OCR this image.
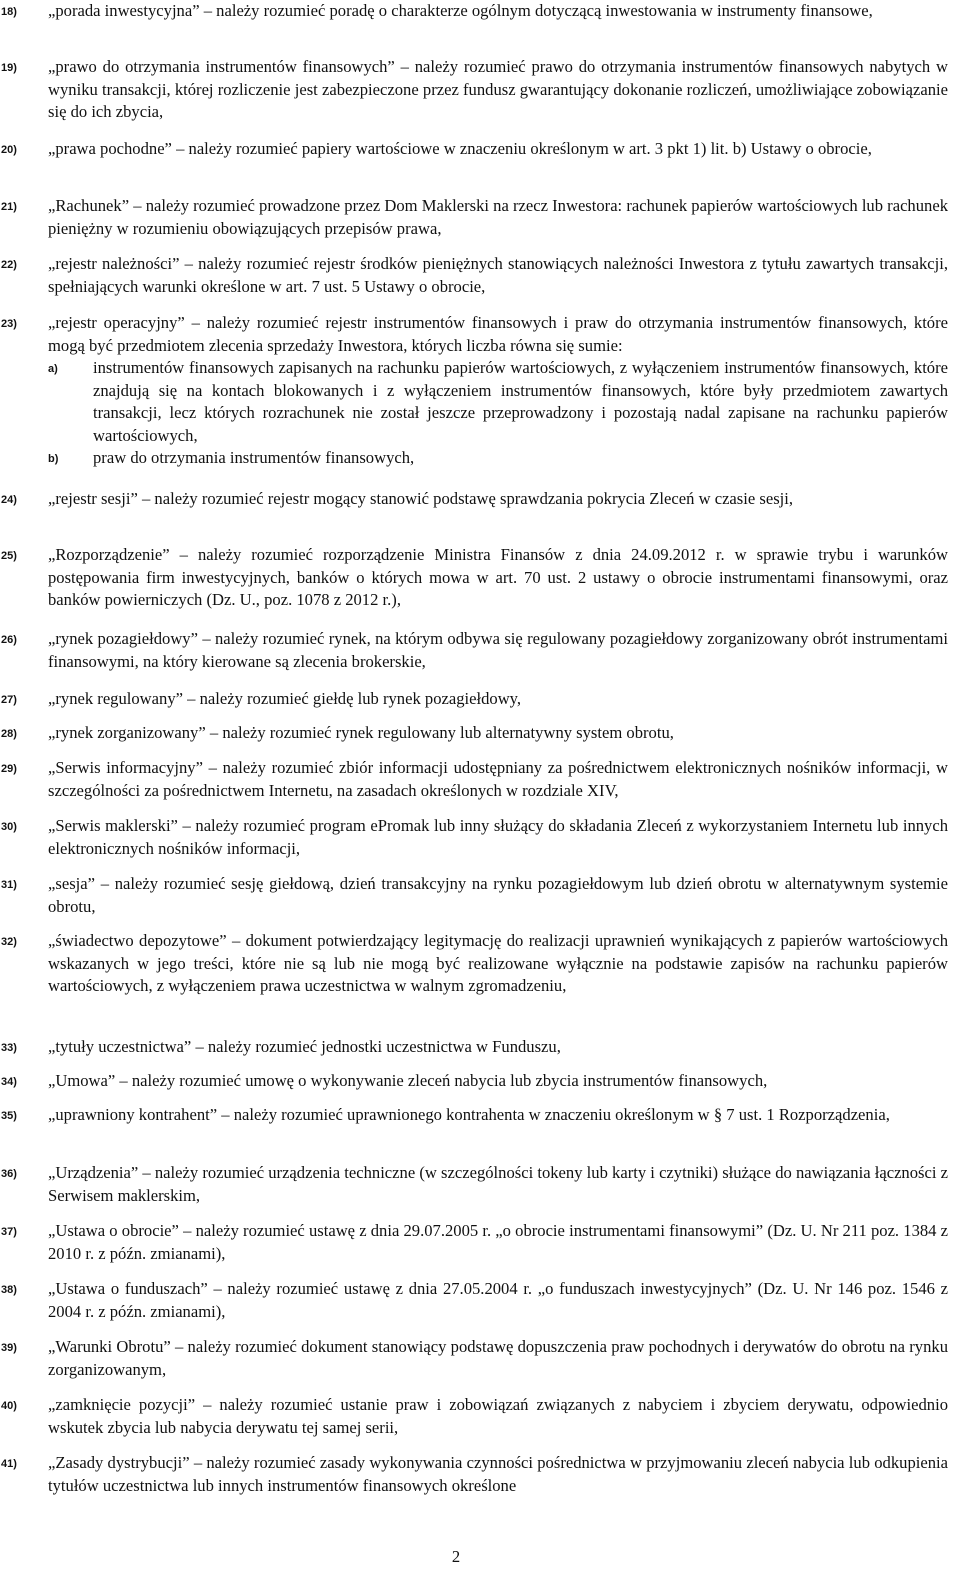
18)	„porada inwestycyjna” – należy rozumieć poradę o charakterze ogólnym dotyczącą inwestowania w instrumenty finansowe,
19)	„prawo do otrzymania instrumentów finansowych” – należy rozumieć prawo do otrzymania instrumentów finansowych nabytych w wyniku transakcji, której rozliczenie jest zabezpieczone przez fundusz gwarantujący dokonanie rozliczeń, umożliwiające zobowiązanie się do ich zbycia,
20)	„prawa pochodne” – należy rozumieć papiery wartościowe w znaczeniu określonym w art. 3 pkt 1) lit. b) Ustawy o obrocie,
21)	„Rachunek” – należy rozumieć prowadzone przez Dom Maklerski na rzecz Inwestora: rachunek papierów wartościowych lub rachunek pieniężny w rozumieniu obowiązujących przepisów prawa,
22)	„rejestr należności” – należy rozumieć rejestr środków pieniężnych stanowiących należności Inwestora z tytułu zawartych transakcji, spełniających warunki określone w art. 7 ust. 5 Ustawy o obrocie,
23)	„rejestr operacyjny” – należy rozumieć rejestr instrumentów finansowych i praw do otrzymania instrumentów finansowych, które mogą być przedmiotem zlecenia sprzedaży Inwestora, których liczba równa się sumie:
a) instrumentów finansowych zapisanych na rachunku papierów wartościowych, z wyłączeniem instrumentów finansowych, które znajdują się na kontach blokowanych i z wyłączeniem instrumentów finansowych, które były przedmiotem zawartych transakcji, lecz których rozrachunek nie został jeszcze przeprowadzony i pozostają nadal zapisane na rachunku papierów wartościowych,
b) praw do otrzymania instrumentów finansowych,
24)	„rejestr sesji” – należy rozumieć rejestr mogący stanowić podstawę sprawdzania pokrycia Zleceń w czasie sesji,
25)	„Rozporządzenie” – należy rozumieć rozporządzenie Ministra Finansów z dnia 24.09.2012 r. w sprawie trybu i warunków postępowania firm inwestycyjnych, banków o których mowa w art. 70 ust. 2 ustawy o obrocie instrumentami finansowymi, oraz banków powierniczych (Dz. U., poz. 1078 z 2012 r.),
26)	„rynek pozagiełdowy” – należy rozumieć rynek, na którym odbywa się regulowany pozagiełdowy zorganizowany obrót instrumentami finansowymi, na który kierowane są zlecenia brokerskie,
27)	„rynek regulowany” – należy rozumieć giełdę lub rynek pozagiełdowy,
28)	„rynek zorganizowany” – należy rozumieć rynek regulowany lub alternatywny system obrotu,
29)	„Serwis informacyjny” – należy rozumieć zbiór informacji udostępniany za pośrednictwem elektronicznych nośników informacji, w szczególności za pośrednictwem Internetu, na zasadach określonych w rozdziale XIV,
30)	„Serwis maklerski” – należy rozumieć program ePromak lub inny służący do składania Zleceń z wykorzystaniem Internetu lub innych elektronicznych nośników informacji,
31)	„sesja” – należy rozumieć sesję giełdową, dzień transakcyjny na rynku pozagiełdowym lub dzień obrotu w alternatywnym systemie obrotu,
32)	„świadectwo depozytowe” – dokument potwierdzający legitymację do realizacji uprawnień wynikających z papierów wartościowych wskazanych w jego treści, które nie są lub nie mogą być realizowane wyłącznie na podstawie zapisów na rachunku papierów wartościowych, z wyłączeniem prawa uczestnictwa w walnym zgromadzeniu,
33)	„tytuły uczestnictwa” – należy rozumieć jednostki uczestnictwa w Funduszu,
34)	„Umowa” – należy rozumieć umowę o wykonywanie zleceń nabycia lub zbycia instrumentów finansowych,
35)	„uprawniony kontrahent” – należy rozumieć uprawnionego kontrahenta w znaczeniu określonym w § 7 ust. 1 Rozporządzenia,
36)	„Urządzenia” – należy rozumieć urządzenia techniczne (w szczególności tokeny lub karty i czytniki) służące do nawiązania łączności z Serwisem maklerskim,
37)	„Ustawa o obrocie” – należy rozumieć ustawę z dnia 29.07.2005 r. „o obrocie instrumentami finansowymi” (Dz. U. Nr 211 poz. 1384 z 2010 r. z późn. zmianami),
38)	„Ustawa o funduszach” – należy rozumieć ustawę z dnia 27.05.2004 r. „o funduszach inwestycyjnych” (Dz. U. Nr 146 poz. 1546 z 2004 r. z późn. zmianami),
39)	„Warunki Obrotu” – należy rozumieć dokument stanowiący podstawę dopuszczenia praw pochodnych i derywatów do obrotu na rynku zorganizowanym,
40)	„zamknięcie pozycji” – należy rozumieć ustanie praw i zobowiązań związanych z nabyciem i zbyciem derywatu, odpowiednio wskutek zbycia lub nabycia derywatu tej samej serii,
41)	„Zasady dystrybucji” – należy rozumieć zasady wykonywania czynności pośrednictwa w przyjmowaniu zleceń nabycia lub odkupienia tytułów uczestnictwa lub innych instrumentów finansowych określone
2
